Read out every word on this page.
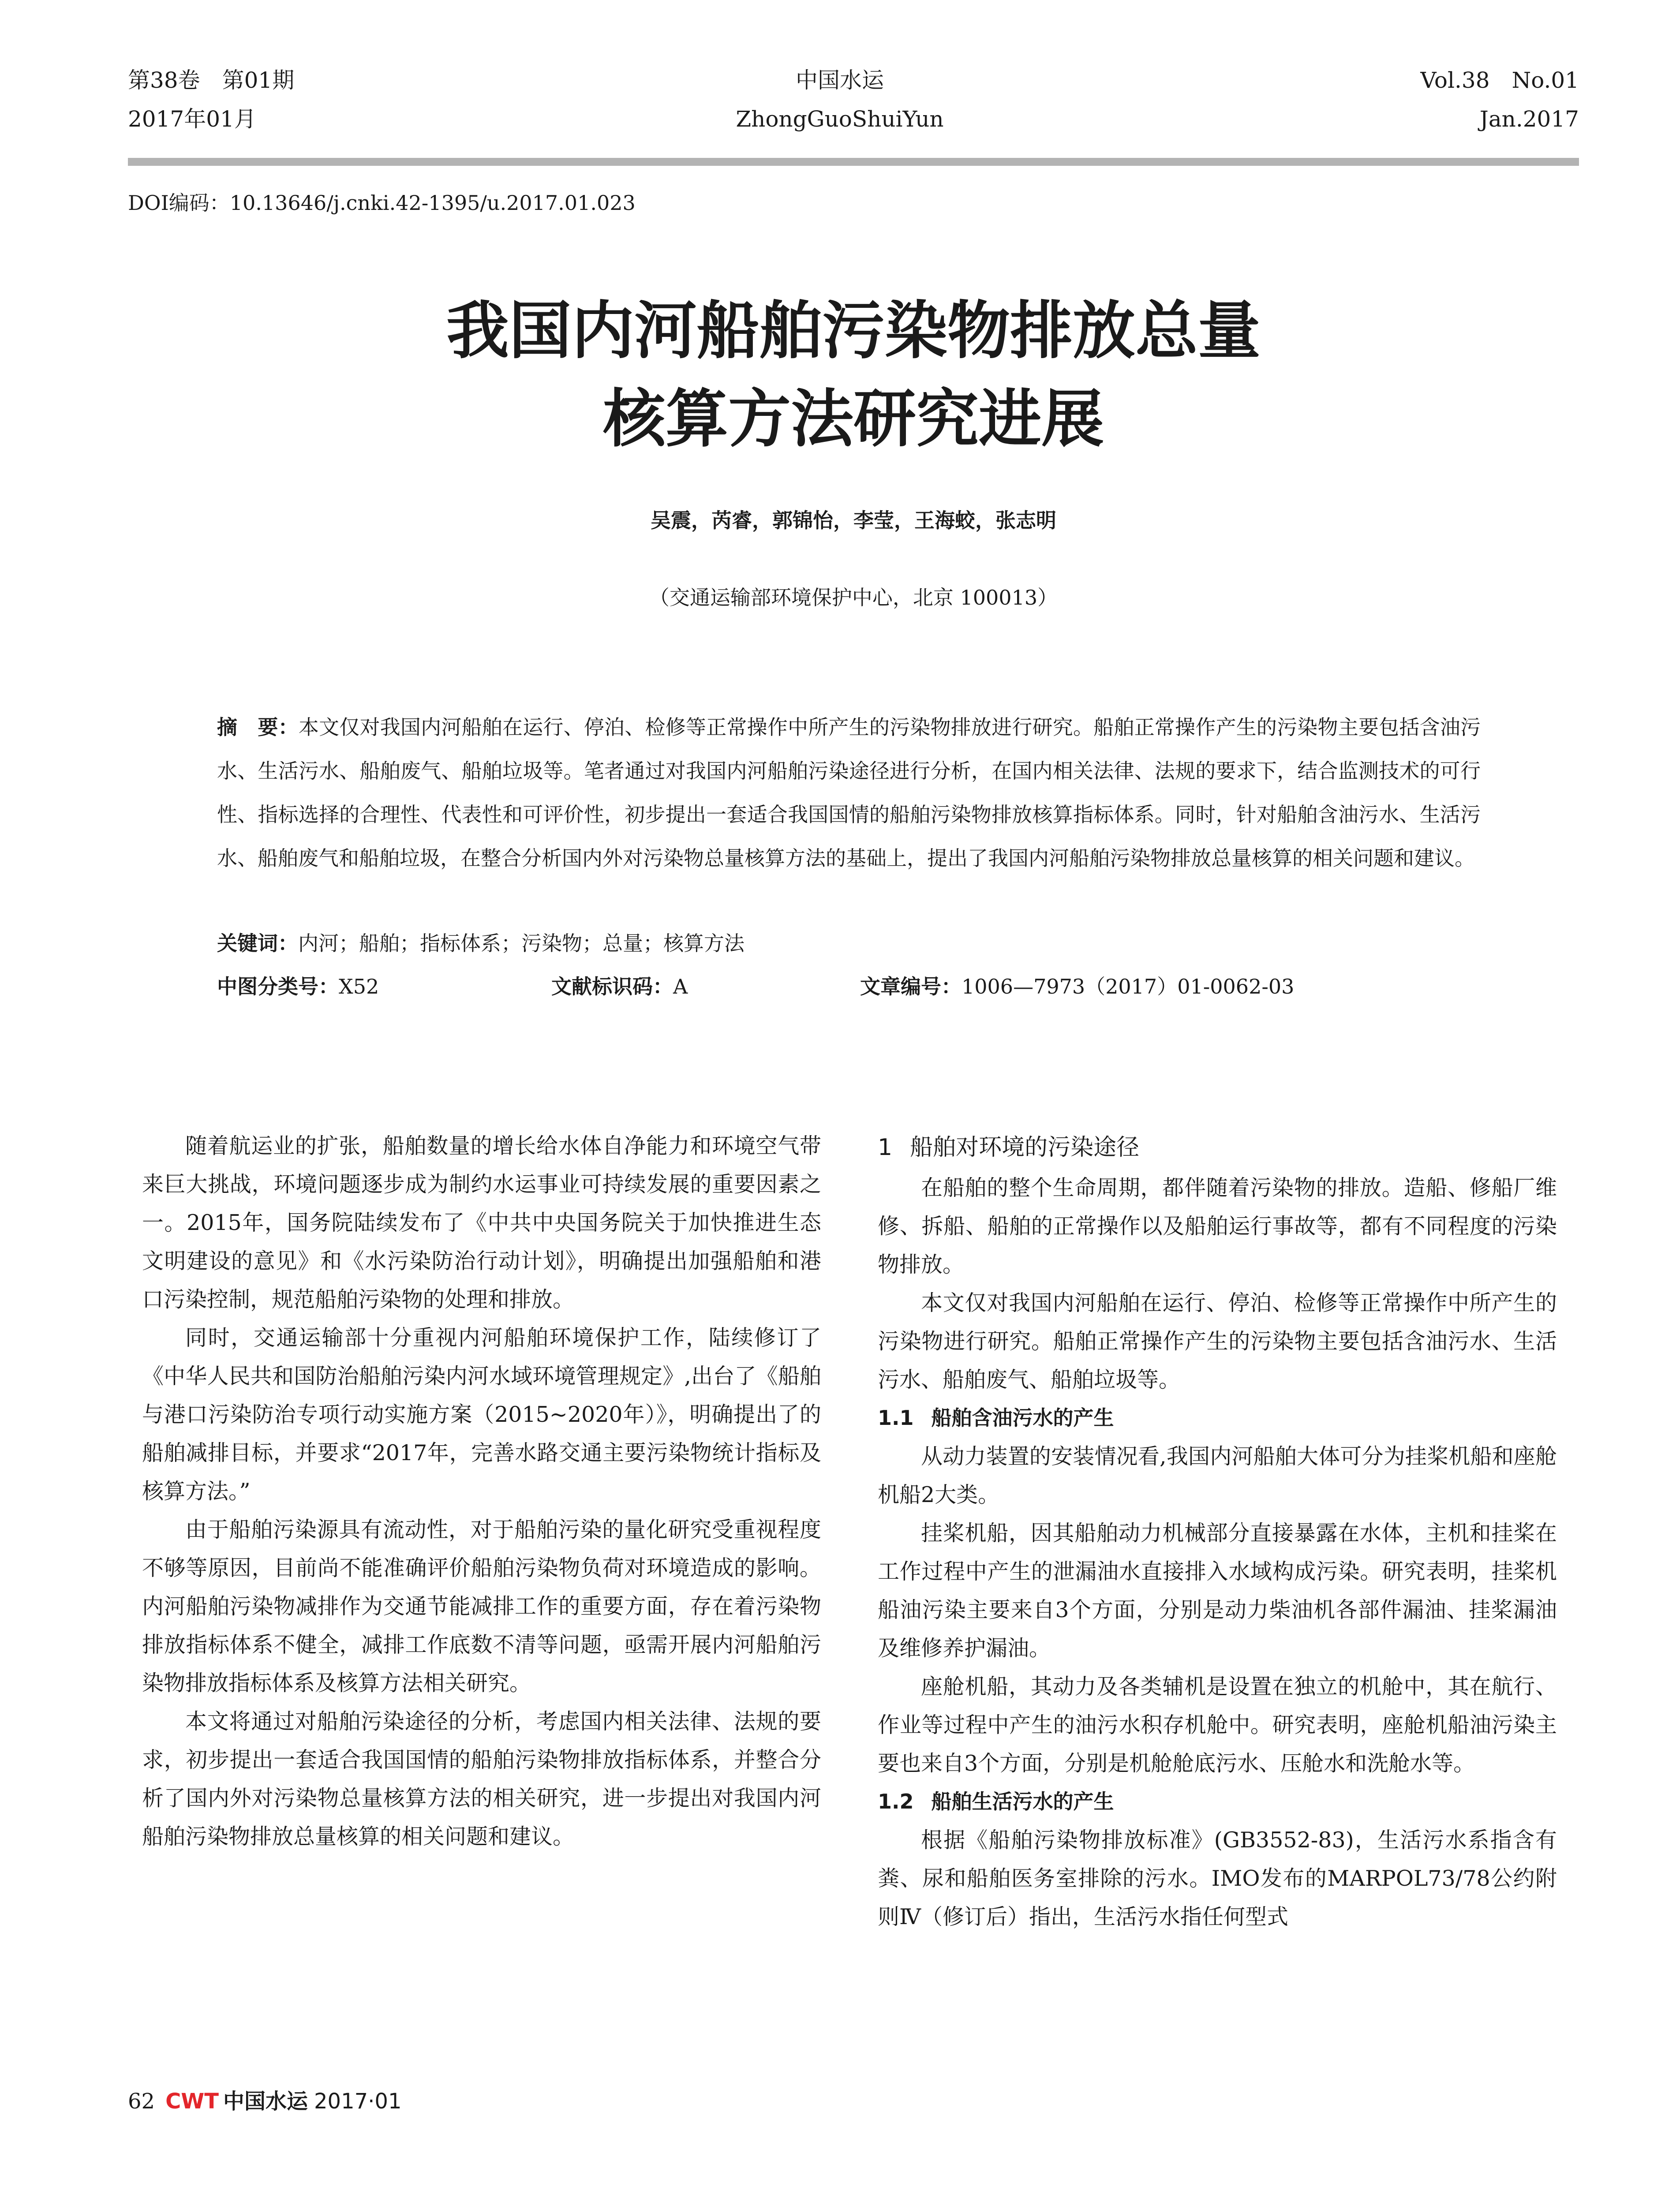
第38卷　第01期
2017年01月
中国水运
ZhongGuoShuiYun
Vol.38　No.01
Jan.2017
DOI编码：10.13646/j.cnki.42-1395/u.2017.01.023
我国内河船舶污染物排放总量
核算方法研究进展
吴震，芮睿，郭锦怡，李莹，王海蛟，张志明
（交通运输部环境保护中心，北京 100013）
摘　要：本文仅对我国内河船舶在运行、停泊、检修等正常操作中所产生的污染物排放进行研究。船舶正常操作产生的污染物主要包括含油污水、生活污水、船舶废气、船舶垃圾等。笔者通过对我国内河船舶污染途径进行分析，在国内相关法律、法规的要求下，结合监测技术的可行性、指标选择的合理性、代表性和可评价性，初步提出一套适合我国国情的船舶污染物排放核算指标体系。同时，针对船舶含油污水、生活污水、船舶废气和船舶垃圾，在整合分析国内外对污染物总量核算方法的基础上，提出了我国内河船舶污染物排放总量核算的相关问题和建议。
关键词：内河；船舶；指标体系；污染物；总量；核算方法
中图分类号：X52	文献标识码：A	文章编号：1006—7973（2017）01-0062-03

随着航运业的扩张，船舶数量的增长给水体自净能力和环境空气带来巨大挑战，环境问题逐步成为制约水运事业可持续发展的重要因素之一。2015年，国务院陆续发布了《中共中央国务院关于加快推进生态文明建设的意见》和《水污染防治行动计划》，明确提出加强船舶和港口污染控制，规范船舶污染物的处理和排放。

同时，交通运输部十分重视内河船舶环境保护工作，陆续修订了《中华人民共和国防治船舶污染内河水域环境管理规定》,出台了《船舶与港口污染防治专项行动实施方案（2015~2020年）》，明确提出了的船舶减排目标，并要求“2017年，完善水路交通主要污染物统计指标及核算方法。”

由于船舶污染源具有流动性，对于船舶污染的量化研究受重视程度不够等原因，目前尚不能准确评价船舶污染物负荷对环境造成的影响。内河船舶污染物减排作为交通节能减排工作的重要方面，存在着污染物排放指标体系不健全，减排工作底数不清等问题，亟需开展内河船舶污染物排放指标体系及核算方法相关研究。

本文将通过对船舶污染途径的分析，考虑国内相关法律、法规的要求，初步提出一套适合我国国情的船舶污染物排放指标体系，并整合分析了国内外对污染物总量核算方法的相关研究，进一步提出对我国内河船舶污染物排放总量核算的相关问题和建议。

1 船舶对环境的污染途径

在船舶的整个生命周期，都伴随着污染物的排放。造船、修船厂维修、拆船、船舶的正常操作以及船舶运行事故等，都有不同程度的污染物排放。

本文仅对我国内河船舶在运行、停泊、检修等正常操作中所产生的污染物进行研究。船舶正常操作产生的污染物主要包括含油污水、生活污水、船舶废气、船舶垃圾等。

1.1 船舶含油污水的产生

从动力装置的安装情况看,我国内河船舶大体可分为挂桨机船和座舱机船2大类。

挂桨机船，因其船舶动力机械部分直接暴露在水体，主机和挂桨在工作过程中产生的泄漏油水直接排入水域构成污染。研究表明，挂桨机船油污染主要来自3个方面，分别是动力柴油机各部件漏油、挂桨漏油及维修养护漏油。

座舱机船，其动力及各类辅机是设置在独立的机舱中，其在航行、作业等过程中产生的油污水积存机舱中。研究表明，座舱机船油污染主要也来自3个方面，分别是机舱舱底污水、压舱水和洗舱水等。

1.2 船舶生活污水的产生

根据《船舶污染物排放标准》(GB3552-83)，生活污水系指含有粪、尿和船舶医务室排除的污水。IMO发布的MARPOL73/78公约附则Ⅳ（修订后）指出，生活污水指任何型式

62 CWT 中国水运 2017·01
